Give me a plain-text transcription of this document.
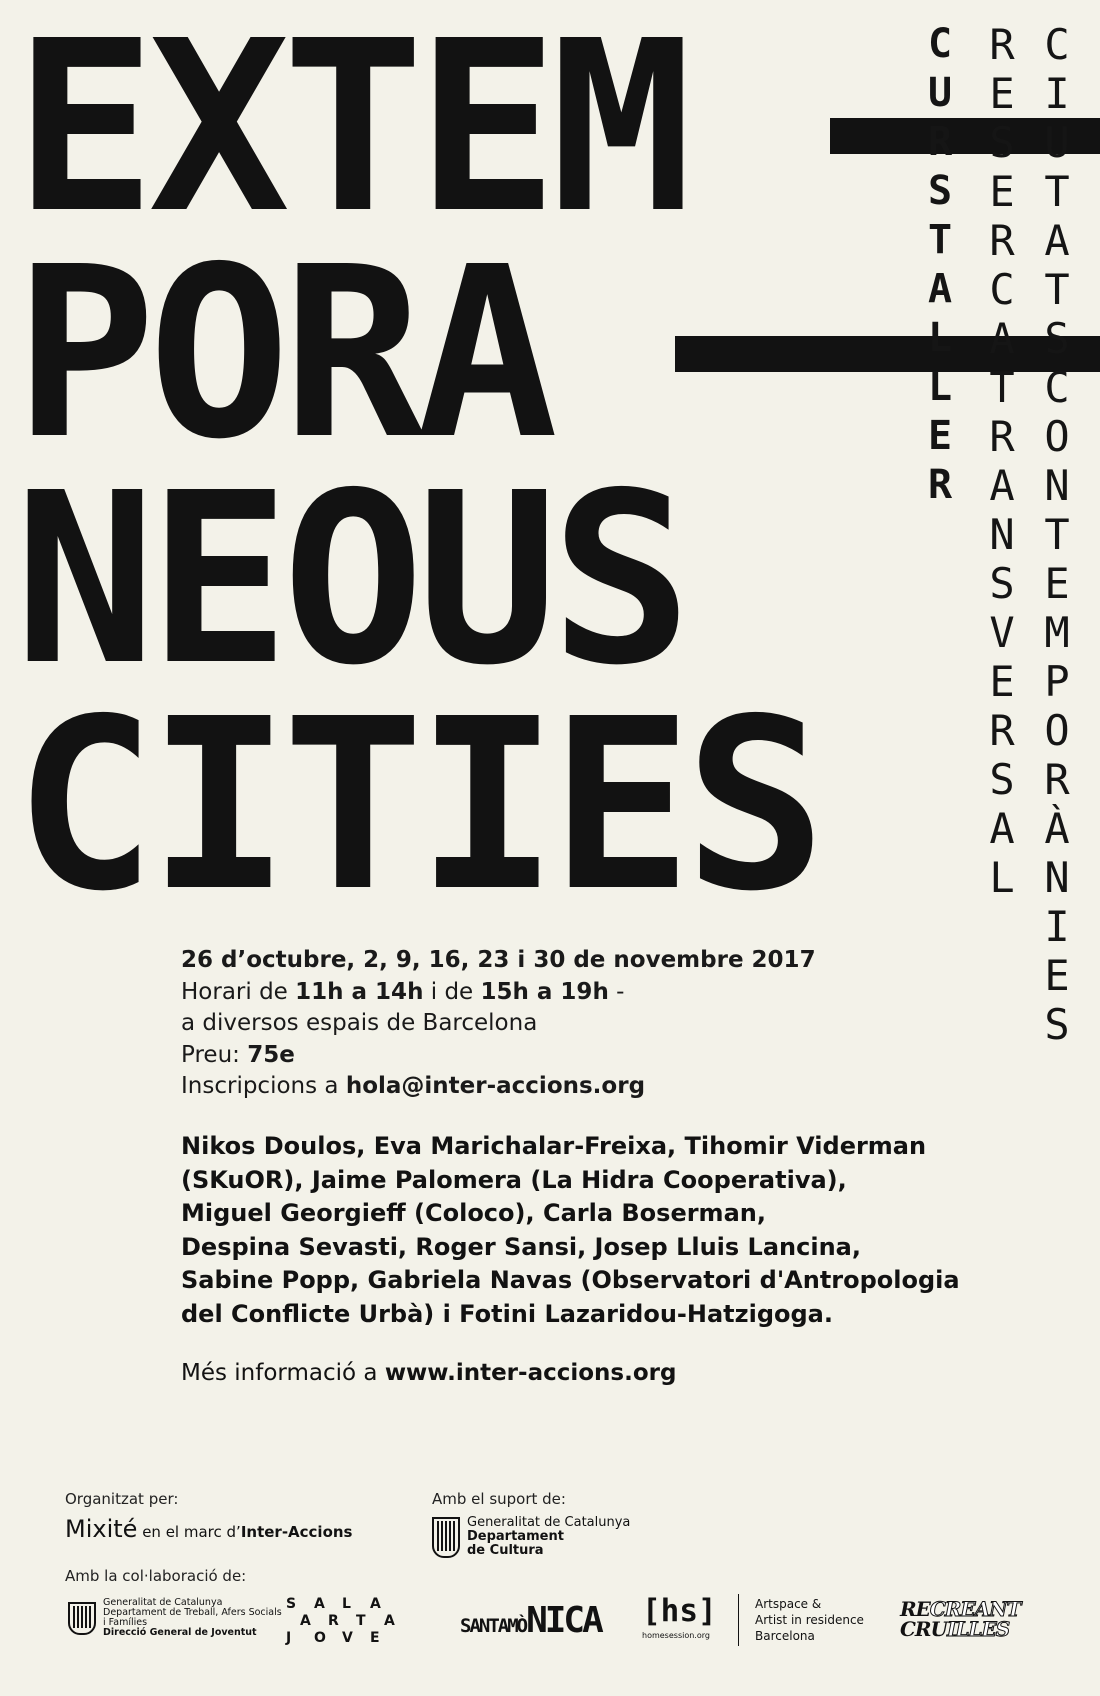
EXTEM
PORA
NEOUS
CITIES
C
U
R
S
T
A
L
L
E
R
R
E
S
E
R
C
A
T
R
A
N
S
V
E
R
S
A
L
C
I
U
T
A
T
S
C
O
N
T
E
M
P
O
R
À
N
I
E
S
26 d’octubre, 2, 9, 16, 23 i 30 de novembre 2017
Horari de 11h a 14h i de 15h a 19h -
a diversos espais de Barcelona
Preu: 75e
Inscripcions a hola@inter-accions.org
Nikos Doulos, Eva Marichalar-Freixa, Tihomir Viderman
(SKuOR), Jaime Palomera (La Hidra Cooperativa),
Miguel Georgieff (Coloco), Carla Boserman,
Despina Sevasti, Roger Sansi, Josep Lluis Lancina,
Sabine Popp, Gabriela Navas (Observatori d'Antropologia
del Conflicte Urbà) i Fotini Lazaridou-Hatzigoga.
Més informació a www.inter-accions.org
Organitzat per:
Mixité en el marc d’Inter-Accions
Amb el suport de:
Generalitat de Catalunya
Departament
de Cultura
Amb la col·laboració de:
Generalitat de Catalunya
Departament de Treball, Afers Socials
i Famílies
Direcció General de Joventut
S A L A
A R T A
J O V E
SANTAMÒNICA [hs]
homesession.org
Artspace &
Artist in residence
Barcelona
RECREANT
CRUILLES
